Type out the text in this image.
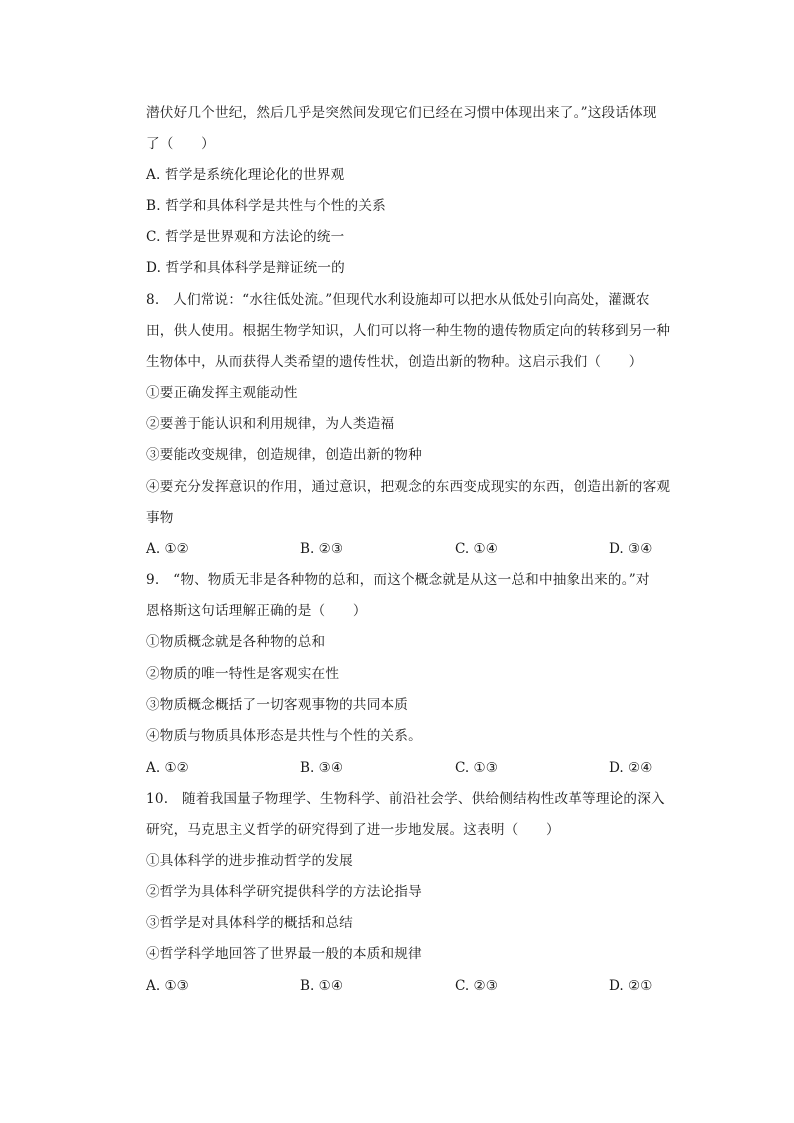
潜伏好几个世纪，然后几乎是突然间发现它们已经在习惯中体现出来了。”这段话体现
了（　　）
A. 哲学是系统化理论化的世界观
B. 哲学和具体科学是共性与个性的关系
C. 哲学是世界观和方法论的统一
D. 哲学和具体科学是辩证统一的
8.　人们常说：“水往低处流。”但现代水利设施却可以把水从低处引向高处，灌溉农
田，供人使用。根据生物学知识，人们可以将一种生物的遗传物质定向的转移到另一种
生物体中，从而获得人类希望的遗传性状，创造出新的物种。这启示我们（　　）
①要正确发挥主观能动性
②要善于能认识和利用规律，为人类造福
③要能改变规律，创造规律，创造出新的物种
④要充分发挥意识的作用，通过意识，把观念的东西变成现实的东西，创造出新的客观
事物
A. ①②	B. ②③	C. ①④	D. ③④
9.　“物、物质无非是各种物的总和，而这个概念就是从这一总和中抽象出来的。”对
恩格斯这句话理解正确的是（　　）
①物质概念就是各种物的总和
②物质的唯一特性是客观实在性
③物质概念概括了一切客观事物的共同本质
④物质与物质具体形态是共性与个性的关系。
A. ①②	B. ③④	C. ①③	D. ②④
10.　随着我国量子物理学、生物科学、前沿社会学、供给侧结构性改革等理论的深入
研究，马克思主义哲学的研究得到了进一步地发展。这表明（　　）
①具体科学的进步推动哲学的发展
②哲学为具体科学研究提供科学的方法论指导
③哲学是对具体科学的概括和总结
④哲学科学地回答了世界最一般的本质和规律
A. ①③	B. ①④	C. ②③	D. ②①
